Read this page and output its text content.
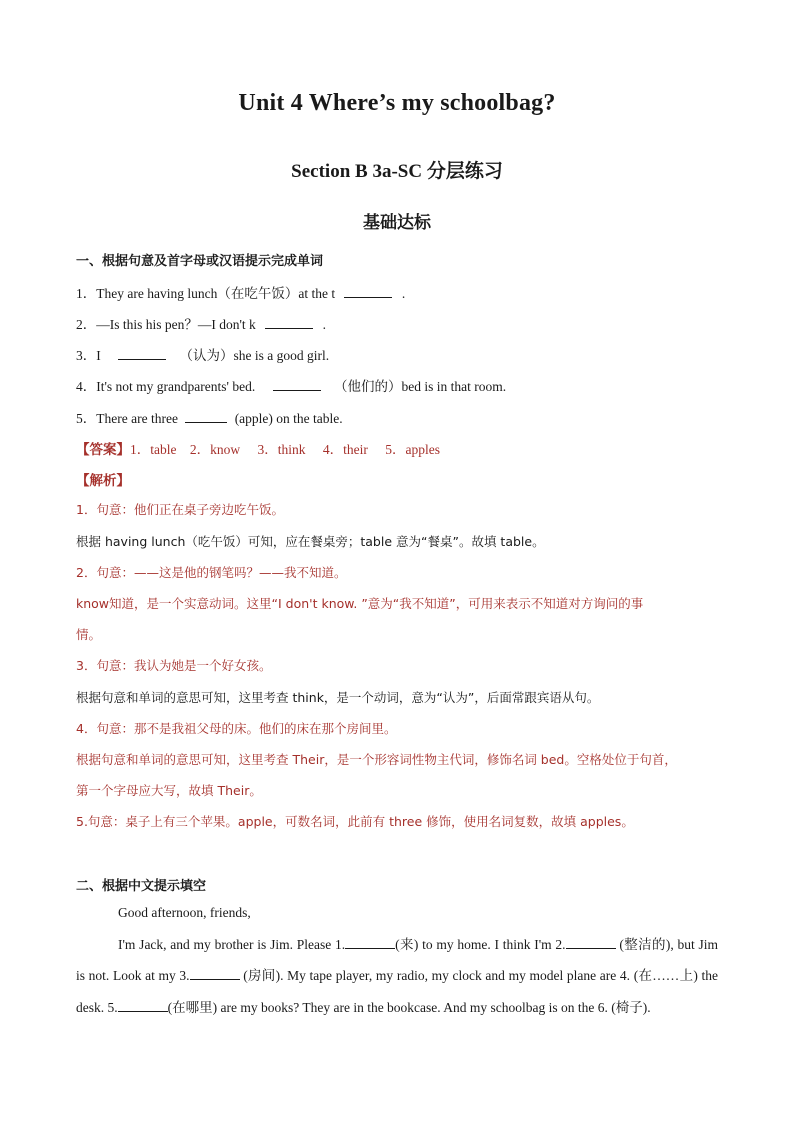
Unit 4 Where’s my schoolbag?
Section B 3a-SC 分层练习
基础达标
一、根据句意及首字母或汉语提示完成单词
1．They are having lunch（在吃午饭）at the t	.
2．—Is this his pen？—I don't k	.
3．I	（认为）she is a good girl.
4．It's not my grandparents' bed.	（他们的）bed is in that room.
5．There are three	(apple) on the table.
【答案】1．table 2．know 3．think 4．their 5．apples
【解析】
1．句意：他们正在桌子旁边吃午饭。
根据 having lunch（吃午饭）可知，应在餐桌旁；table 意为“餐桌”。故填 table。
2．句意：——这是他的钢笔吗？——我不知道。
know知道，是一个实意动词。这里“I don't know. ”意为“我不知道”，可用来表示不知道对方询问的事
情。
3．句意：我认为她是一个好女孩。
根据句意和单词的意思可知，这里考查 think，是一个动词，意为“认为”，后面常跟宾语从句。
4．句意：那不是我祖父母的床。他们的床在那个房间里。
根据句意和单词的意思可知，这里考查 Their，是一个形容词性物主代词，修饰名词 bed。空格处位于句首，
第一个字母应大写，故填 Their。
5.句意：桌子上有三个苹果。apple，可数名词，此前有 three 修饰，使用名词复数，故填 apples。
二、根据中文提示填空

Good afternoon, friends,

I'm Jack, and my brother is Jim. Please 1.	(来) to my home. I think I'm 2.	(整洁的), but Jim is not. Look at my 3.	(房间). My tape player, my radio, my clock and my model plane are 4. (在……上) the desk. 5.	(在哪里) are my books? They are in the bookcase. And my schoolbag is on the 6. (椅子).
